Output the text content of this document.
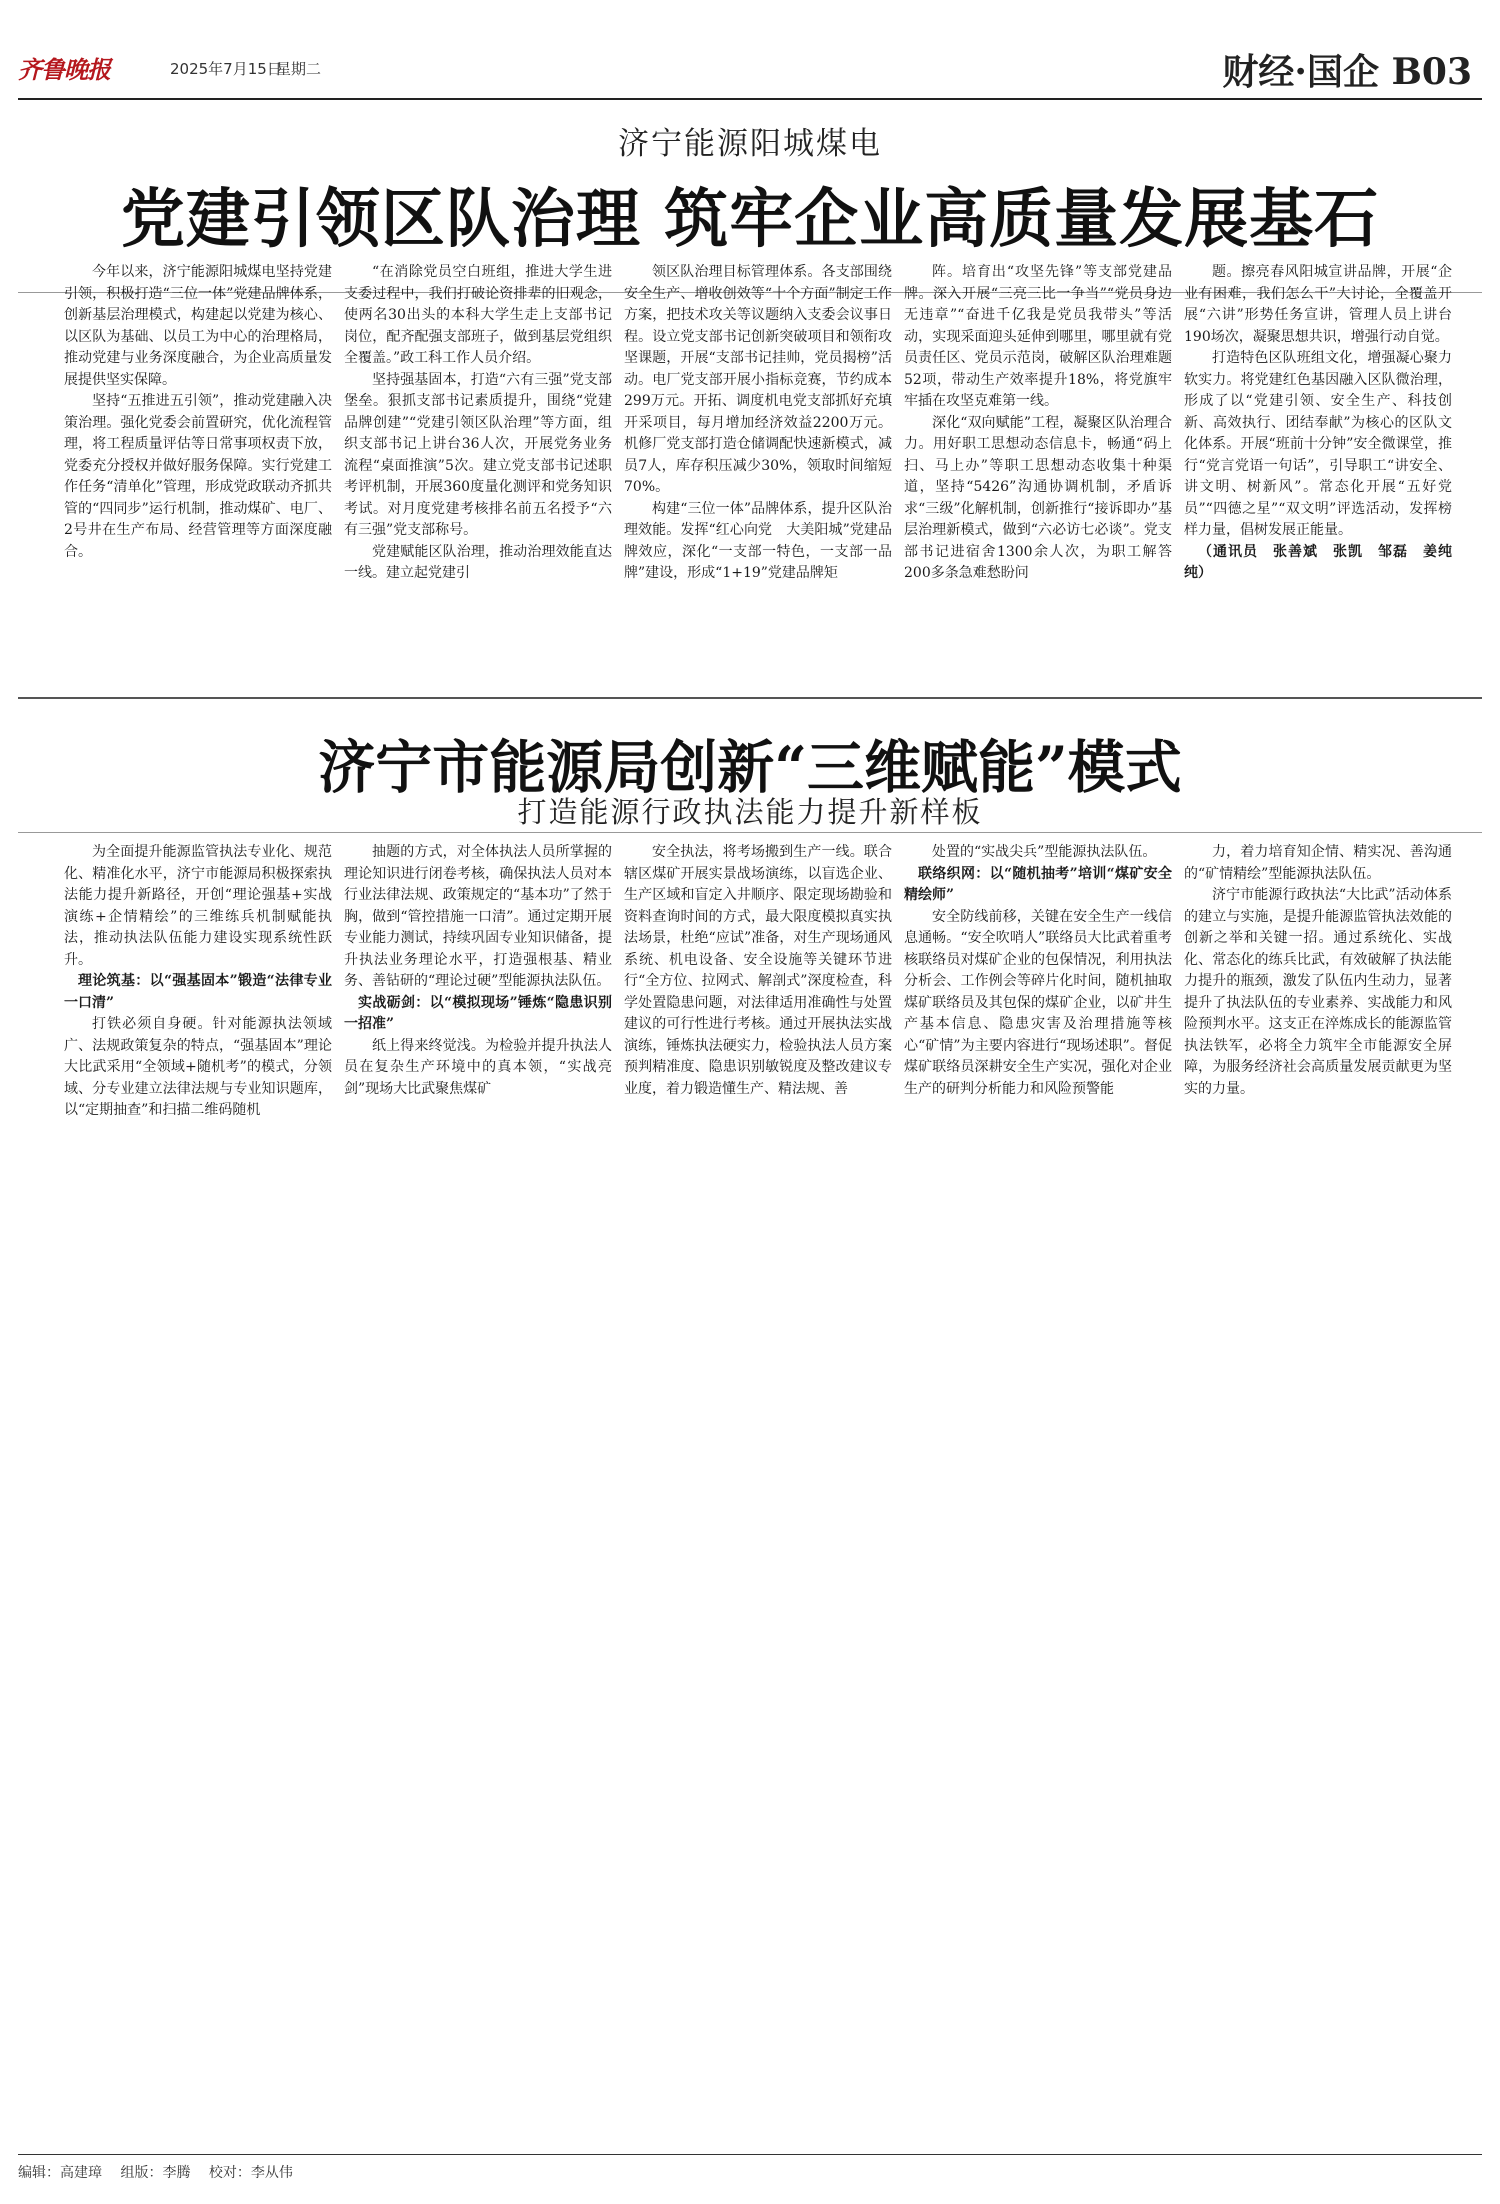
齐鲁晚报	2025年7月15日
星期二	财经·国企 B03
济宁能源阳城煤电
党建引领区队治理 筑牢企业高质量发展基石

今年以来，济宁能源阳城煤电坚持党建引领，积极打造“三位一体”党建品牌体系，创新基层治理模式，构建起以党建为核心、以区队为基础、以员工为中心的治理格局，推动党建与业务深度融合，为企业高质量发展提供坚实保障。

坚持“五推进五引领”，推动党建融入决策治理。强化党委会前置研究，优化流程管理，将工程质量评估等日常事项权责下放，党委充分授权并做好服务保障。实行党建工作任务“清单化”管理，形成党政联动齐抓共管的“四同步”运行机制，推动煤矿、电厂、2号井在生产布局、经营管理等方面深度融合。

“在消除党员空白班组，推进大学生进支委过程中，我们打破论资排辈的旧观念，使两名30出头的本科大学生走上支部书记岗位，配齐配强支部班子，做到基层党组织全覆盖。”政工科工作人员介绍。

坚持强基固本，打造“六有三强”党支部堡垒。狠抓支部书记素质提升，围绕“党建品牌创建”“党建引领区队治理”等方面，组织支部书记上讲台36人次，开展党务业务流程“桌面推演”5次。建立党支部书记述职考评机制，开展360度量化测评和党务知识考试。对月度党建考核排名前五名授予“六有三强”党支部称号。

党建赋能区队治理，推动治理效能直达一线。建立起党建引

领区队治理目标管理体系。各支部围绕安全生产、增收创效等“十个方面”制定工作方案，把技术攻关等议题纳入支委会议事日程。设立党支部书记创新突破项目和领衔攻坚课题，开展“支部书记挂帅，党员揭榜”活动。电厂党支部开展小指标竞赛，节约成本299万元。开拓、调度机电党支部抓好充填开采项目，每月增加经济效益2200万元。机修厂党支部打造仓储调配快速新模式，减员7人，库存积压减少30%，领取时间缩短70%。

构建“三位一体”品牌体系，提升区队治理效能。发挥“红心向党　大美阳城”党建品牌效应，深化“一支部一特色，一支部一品牌”建设，形成“1+19”党建品牌矩

阵。培育出“攻坚先锋”等支部党建品牌。深入开展“三亮三比一争当”“党员身边无违章”“奋进千亿我是党员我带头”等活动，实现采面迎头延伸到哪里，哪里就有党员责任区、党员示范岗，破解区队治理难题52项，带动生产效率提升18%，将党旗牢牢插在攻坚克难第一线。

深化“双向赋能”工程，凝聚区队治理合力。用好职工思想动态信息卡，畅通“码上扫、马上办”等职工思想动态收集十种渠道，坚持“5426”沟通协调机制，矛盾诉求“三级”化解机制，创新推行“接诉即办”基层治理新模式，做到“六必访七必谈”。党支部书记进宿舍1300余人次，为职工解答200多条急难愁盼问

题。擦亮春风阳城宣讲品牌，开展“企业有困难，我们怎么干”大讨论，全覆盖开展“六讲”形势任务宣讲，管理人员上讲台190场次，凝聚思想共识，增强行动自觉。

打造特色区队班组文化，增强凝心聚力软实力。将党建红色基因融入区队微治理，形成了以“党建引领、安全生产、科技创新、高效执行、团结奉献”为核心的区队文化体系。开展“班前十分钟”安全微课堂，推行“党言党语一句话”，引导职工“讲安全、讲文明、树新风”。常态化开展“五好党员”“四德之星”“双文明”评选活动，发挥榜样力量，倡树发展正能量。

（通讯员　张善斌　张凯　邹磊　姜纯纯）

济宁市能源局创新“三维赋能”模式
打造能源行政执法能力提升新样板

为全面提升能源监管执法专业化、规范化、精准化水平，济宁市能源局积极探索执法能力提升新路径，开创“理论强基+实战演练+企情精绘”的三维练兵机制赋能执法，推动执法队伍能力建设实现系统性跃升。

理论筑基：以“强基固本”锻造“法律专业一口清”

打铁必须自身硬。针对能源执法领域广、法规政策复杂的特点，“强基固本”理论大比武采用“全领域+随机考”的模式，分领域、分专业建立法律法规与专业知识题库，以“定期抽查”和扫描二维码随机

抽题的方式，对全体执法人员所掌握的理论知识进行闭卷考核，确保执法人员对本行业法律法规、政策规定的“基本功”了然于胸，做到“管控措施一口清”。通过定期开展专业能力测试，持续巩固专业知识储备，提升执法业务理论水平，打造强根基、精业务、善钻研的“理论过硬”型能源执法队伍。

实战砺剑：以“模拟现场”锤炼“隐患识别一招准”

纸上得来终觉浅。为检验并提升执法人员在复杂生产环境中的真本领，“实战亮剑”现场大比武聚焦煤矿

安全执法，将考场搬到生产一线。联合辖区煤矿开展实景战场演练，以盲选企业、生产区域和盲定入井顺序、限定现场勘验和资料查询时间的方式，最大限度模拟真实执法场景，杜绝“应试”准备，对生产现场通风系统、机电设备、安全设施等关键环节进行“全方位、拉网式、解剖式”深度检查，科学处置隐患问题，对法律适用准确性与处置建议的可行性进行考核。通过开展执法实战演练，锤炼执法硬实力，检验执法人员方案预判精准度、隐患识别敏锐度及整改建议专业度，着力锻造懂生产、精法规、善

处置的“实战尖兵”型能源执法队伍。

联络织网：以“随机抽考”培训“煤矿安全精绘师”

安全防线前移，关键在安全生产一线信息通畅。“安全吹哨人”联络员大比武着重考核联络员对煤矿企业的包保情况，利用执法分析会、工作例会等碎片化时间，随机抽取煤矿联络员及其包保的煤矿企业，以矿井生产基本信息、隐患灾害及治理措施等核心“矿情”为主要内容进行“现场述职”。督促煤矿联络员深耕安全生产实况，强化对企业生产的研判分析能力和风险预警能

力，着力培育知企情、精实况、善沟通的“矿情精绘”型能源执法队伍。

济宁市能源行政执法“大比武”活动体系的建立与实施，是提升能源监管执法效能的创新之举和关键一招。通过系统化、实战化、常态化的练兵比武，有效破解了执法能力提升的瓶颈，激发了队伍内生动力，显著提升了执法队伍的专业素养、实战能力和风险预判水平。这支正在淬炼成长的能源监管执法铁军，必将全力筑牢全市能源安全屏障，为服务经济社会高质量发展贡献更为坚实的力量。

编辑：高建璋 组版：李腾 校对：李从伟
